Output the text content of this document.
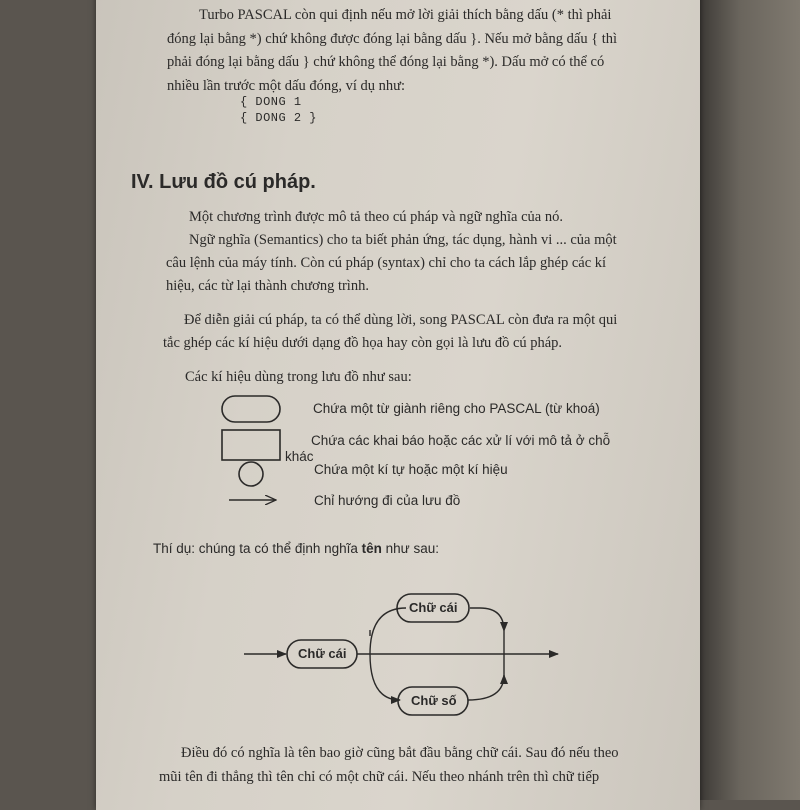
Turbo PASCAL còn qui định nếu mở lời giải thích bằng dấu (* thì phải
đóng lại bằng *) chứ không được đóng lại bằng dấu }. Nếu mở bằng dấu { thì
phải đóng lại bằng dấu } chứ không thể đóng lại bằng *). Dấu mở có thể có
nhiều lần trước một dấu đóng, ví dụ như:
{ DONG 1
{ DONG 2 }
IV. Lưu đồ cú pháp.
Một chương trình được mô tả theo cú pháp và ngữ nghĩa của nó.
Ngữ nghĩa (Semantics) cho ta biết phản ứng, tác dụng, hành vi ... của một
câu lệnh của máy tính. Còn cú pháp (syntax) chỉ cho ta cách lắp ghép các kí
hiệu, các từ lại thành chương trình.
Để diễn giải cú pháp, ta có thể dùng lời, song PASCAL còn đưa ra một qui
tắc ghép các kí hiệu dưới dạng đồ họa hay còn gọi là lưu đồ cú pháp.
Các kí hiệu dùng trong lưu đồ như sau:
Chứa một từ giành riêng cho PASCAL (từ khoá)
Chứa các khai báo hoặc các xử lí với mô tả ở chỗ
khác
Chứa một kí tự hoặc một kí hiệu
Chỉ hướng đi của lưu đồ
Thí dụ: chúng ta có thể định nghĩa tên như sau:
Điều đó có nghĩa là tên bao giờ cũng bắt đầu bằng chữ cái. Sau đó nếu theo
mũi tên đi thẳng thì tên chỉ có một chữ cái. Nếu theo nhánh trên thì chữ tiếp
Chữ cái
Chữ cái
Chữ số
